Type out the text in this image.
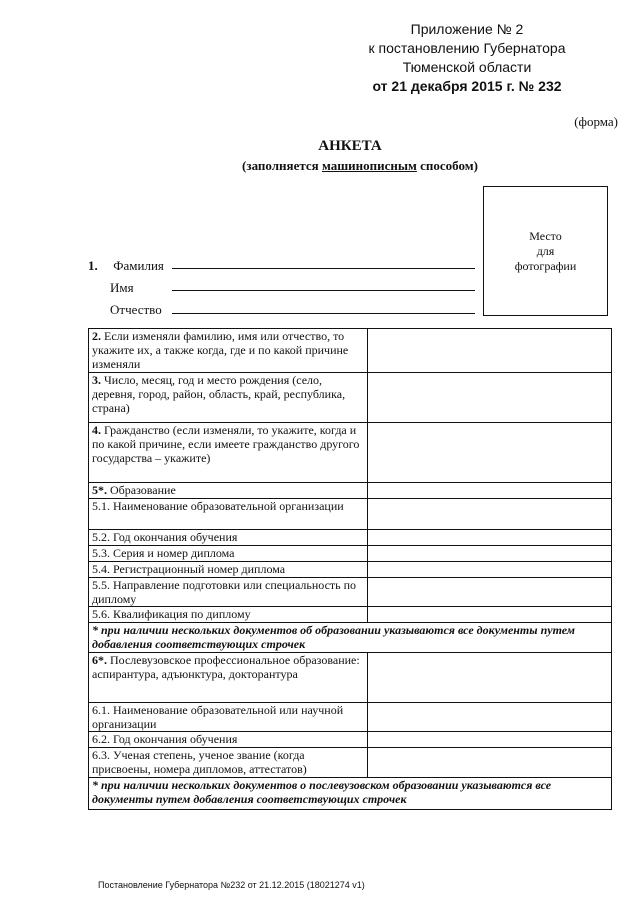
Приложение № 2
к постановлению Губернатора
Тюменской области
от 21 декабря 2015 г. № 232
(форма)
АНКЕТА
(заполняется машинописным способом)
Место
для
фотографии
1. Фамилия
Имя
Отчество
2. Если изменяли фамилию, имя или отчество, то укажите их, а также когда, где и по какой причине изменяли	
3. Число, месяц, год и место рождения (село, деревня, город, район, область, край, республика, страна)	
4. Гражданство (если изменяли, то укажите, когда и по какой причине, если имеете гражданство другого государства – укажите)	
5*. Образование	
5.1. Наименование образовательной организации	
5.2. Год окончания обучения	
5.3. Серия и номер диплома	
5.4. Регистрационный номер диплома	
5.5. Направление подготовки или специальность по диплому	
5.6. Квалификация по диплому	
* при наличии нескольких документов об образовании указываются все документы путем добавления соответствующих строчек	
6*. Послевузовское профессиональное образование: аспирантура, адъюнктура, докторантура	
6.1. Наименование образовательной или научной организации	
6.2. Год окончания обучения	
6.3. Ученая степень, ученое звание (когда присвоены, номера дипломов, аттестатов)	
* при наличии нескольких документов о послевузовском образовании указываются все документы путем добавления соответствующих строчек	
Постановление Губернатора №232 от 21.12.2015 (18021274 v1)
